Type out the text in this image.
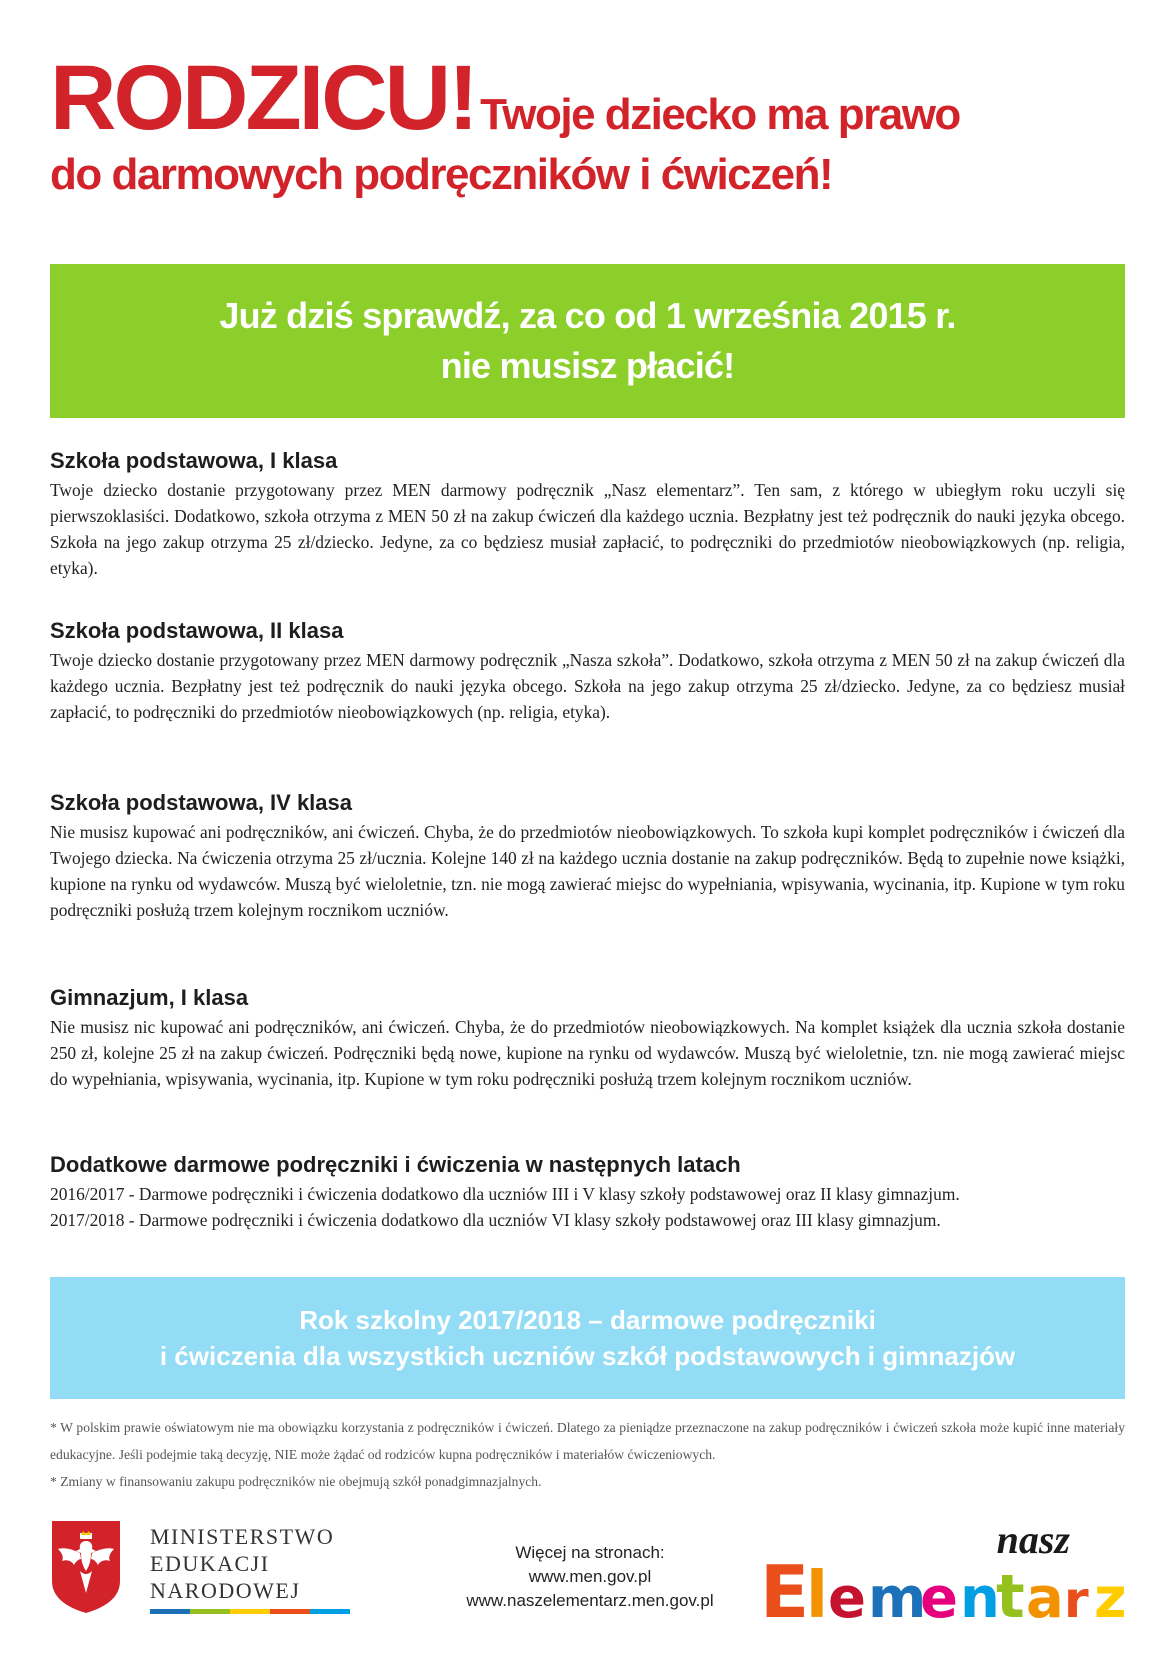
RODZICU! Twoje dziecko ma prawo
do darmowych podręczników i ćwiczeń!
Już dziś sprawdź, za co od 1 września 2015 r.
nie musisz płacić!
Szkoła podstawowa, I klasa

Twoje dziecko dostanie przygotowany przez MEN darmowy podręcznik „Nasz elementarz”. Ten sam, z którego w ubiegłym roku uczyli się pierwszoklasiści. Dodatkowo, szkoła otrzyma z MEN 50 zł na zakup ćwiczeń dla każdego ucznia. Bezpłatny jest też podręcznik do nauki języka obcego. Szkoła na jego zakup otrzyma 25 zł/dziecko. Jedyne, za co będziesz musiał zapłacić, to podręczniki do przedmiotów nieobowiązkowych (np. religia, etyka).

Szkoła podstawowa, II klasa

Twoje dziecko dostanie przygotowany przez MEN darmowy podręcznik „Nasza szkoła”. Dodatkowo, szkoła otrzyma z MEN 50 zł na zakup ćwiczeń dla każdego ucznia. Bezpłatny jest też podręcznik do nauki języka obcego. Szkoła na jego zakup otrzyma 25 zł/dziecko. Jedyne, za co będziesz musiał zapłacić, to podręczniki do przedmiotów nieobowiązkowych (np. religia, etyka).

Szkoła podstawowa, IV klasa

Nie musisz kupować ani podręczników, ani ćwiczeń. Chyba, że do przedmiotów nieobowiązkowych. To szkoła kupi komplet podręczników i ćwiczeń dla Twojego dziecka. Na ćwiczenia otrzyma 25 zł/ucznia. Kolejne 140 zł na każdego ucznia dostanie na zakup podręczników. Będą to zupełnie nowe książki, kupione na rynku od wydawców. Muszą być wieloletnie, tzn. nie mogą zawierać miejsc do wypełniania, wpisywania, wycinania, itp. Kupione w tym roku podręczniki posłużą trzem kolejnym rocznikom uczniów.

Gimnazjum, I klasa

Nie musisz nic kupować ani podręczników, ani ćwiczeń. Chyba, że do przedmiotów nieobowiązkowych. Na komplet książek dla ucznia szkoła dostanie 250 zł, kolejne 25 zł na zakup ćwiczeń. Podręczniki będą nowe, kupione na rynku od wydawców. Muszą być wieloletnie, tzn. nie mogą zawierać miejsc do wypełniania, wpisywania, wycinania, itp. Kupione w tym roku podręczniki posłużą trzem kolejnym rocznikom uczniów.

Dodatkowe darmowe podręczniki i ćwiczenia w następnych latach
2016/2017 - Darmowe podręczniki i ćwiczenia dodatkowo dla uczniów III i V klasy szkoły podstawowej oraz II klasy gimnazjum.
2017/2018 - Darmowe podręczniki i ćwiczenia dodatkowo dla uczniów VI klasy szkoły podstawowej oraz III klasy gimnazjum.
Rok szkolny 2017/2018 – darmowe podręczniki
i ćwiczenia dla wszystkich uczniów szkół podstawowych i gimnazjów
* W polskim prawie oświatowym nie ma obowiązku korzystania z podręczników i ćwiczeń. Dlatego za pieniądze przeznaczone na zakup podręczników i ćwiczeń szkoła może kupić inne materiały edukacyjne. Jeśli podejmie taką decyzję, NIE może żądać od rodziców kupna podręczników i materiałów ćwiczeniowych.
* Zmiany w finansowaniu zakupu podręczników nie obejmują szkół ponadgimnazjalnych.
MINISTERSTWO
EDUKACJI
NARODOWEJ
Więcej na stronach:
www.men.gov.pl
www.naszelementarz.men.gov.pl
nasz
E
l e m
e n
t a r z
